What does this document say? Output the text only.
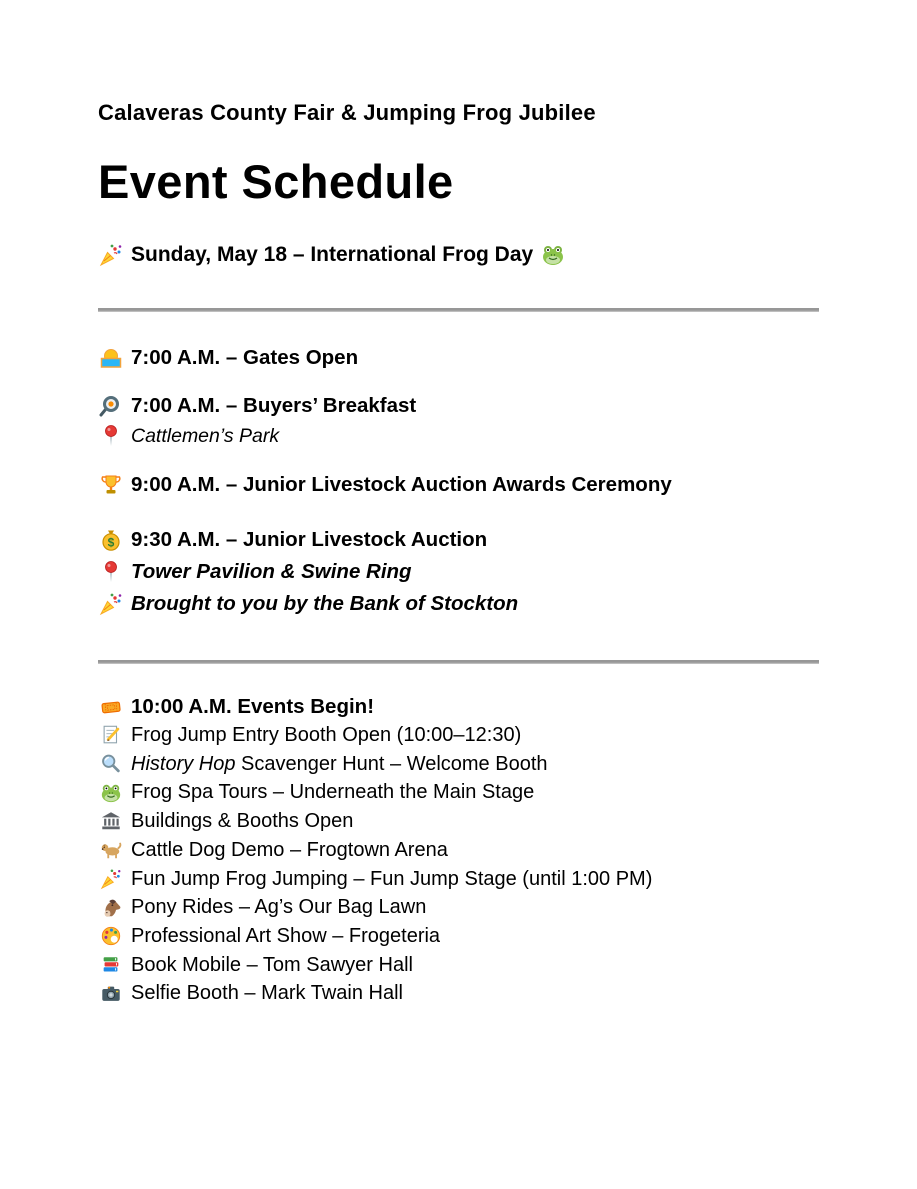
Calaveras County Fair & Jumping Frog Jubilee
Event Schedule
Sunday, May 18 – International Frog Day
7:00 A.M. – Gates Open
7:00 A.M. – Buyers’ Breakfast
Cattlemen’s Park
9:00 A.M. – Junior Livestock Auction Awards Ceremony
$ 9:30 A.M. – Junior Livestock Auction
Tower Pavilion & Swine Ring
Brought to you by the Bank of Stockton
10:00 A.M. Events Begin!
Frog Jump Entry Booth Open (10:00–12:30)
History Hop Scavenger Hunt – Welcome Booth
Frog Spa Tours – Underneath the Main Stage
Buildings & Booths Open
Cattle Dog Demo – Frogtown Arena
Fun Jump Frog Jumping – Fun Jump Stage (until 1:00 PM)
Pony Rides – Ag’s Our Bag Lawn
Professional Art Show – Frogeteria
Book Mobile – Tom Sawyer Hall
Selfie Booth – Mark Twain Hall
